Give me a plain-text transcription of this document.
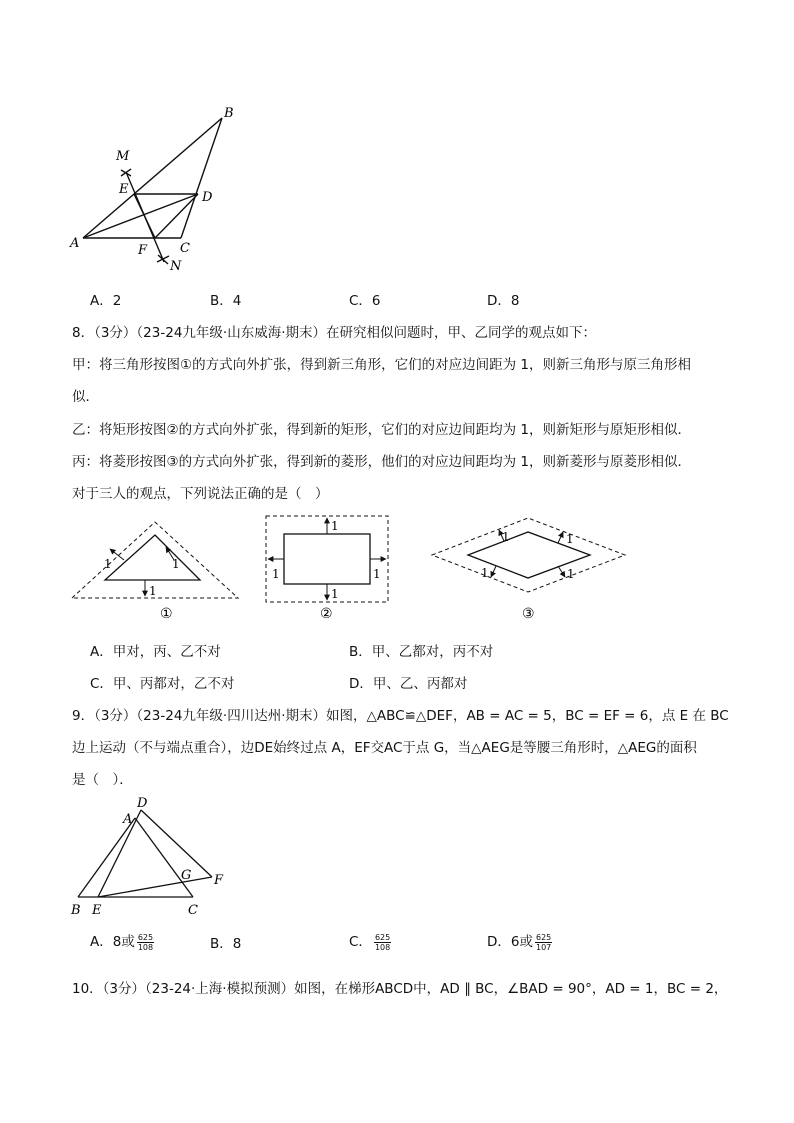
A
B
C
D
E
F
M
N
A．2	B．4	C．6	D．8
8．（3分）（23-24九年级·山东威海·期末）在研究相似问题时，甲、乙同学的观点如下：
甲：将三角形按图①的方式向外扩张，得到新三角形，它们的对应边间距为 1，则新三角形与原三角形相
似．
乙：将矩形按图②的方式向外扩张，得到新的矩形，它们的对应边间距均为 1，则新矩形与原矩形相似．
丙：将菱形按图③的方式向外扩张，得到新的菱形，他们的对应边间距均为 1，则新菱形与原菱形相似．
对于三人的观点，下列说法正确的是（　）
1	1
1
①
1
1
1	1
②
1	1
1	1
③
A．甲对，丙、乙不对	B．甲、乙都对，丙不对
C．甲、丙都对，乙不对	D．甲、乙、丙都对
9．（3分）（23-24九年级·四川达州·期末）如图，△ABC≌△DEF，AB = AC = 5，BC = EF = 6，点 E 在 BC
边上运动（不与端点重合），边DE始终过点 A，EF交AC于点 G，当△AEG是等腰三角形时，△AEG的面积
是（　）．
D
A
G F
B E	C
A．8或 $\frac{625}{108}$	B．8	C． $\frac{625}{108}$	D．6或 $\frac{625}{107}$
10．（3分）（23-24·上海·模拟预测）如图，在梯形ABCD中，AD ∥ BC，∠BAD = 90°，AD = 1，BC = 2，
